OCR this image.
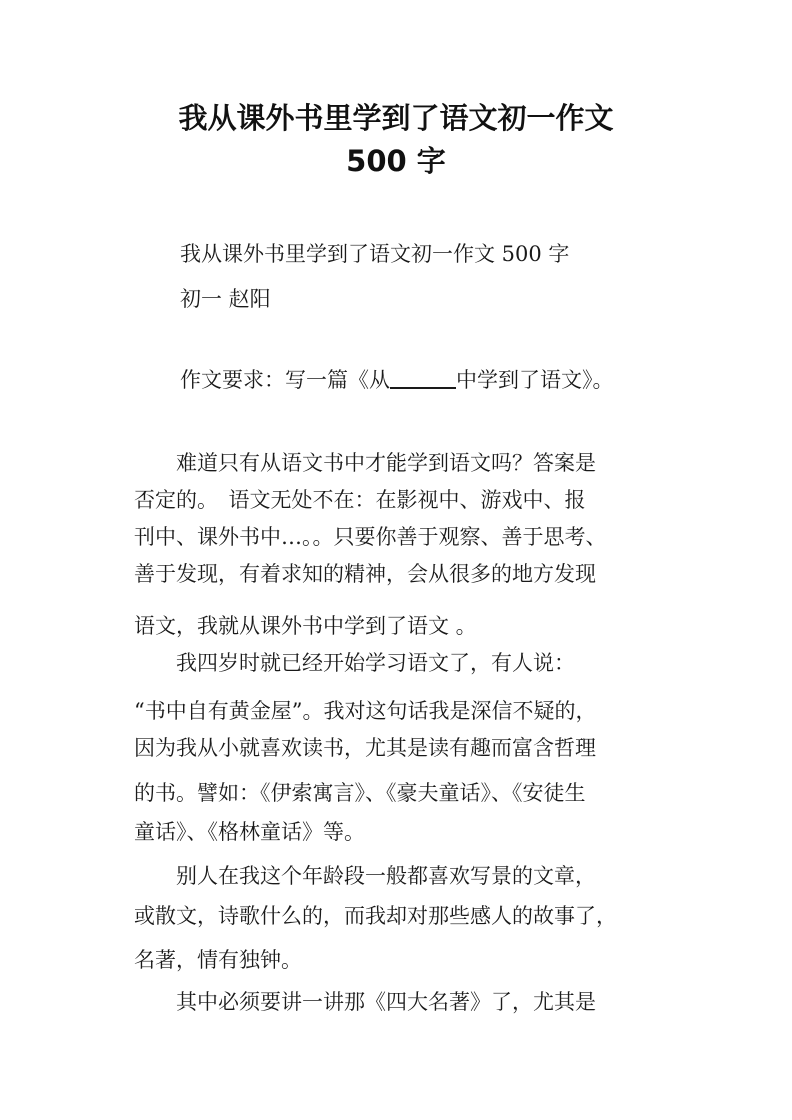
我从课外书里学到了语文初一作文
500 字
我从课外书里学到了语文初一作文 500 字
初一 赵阳
作文要求：写一篇《从	中学到了语文》。
　　难道只有从语文书中才能学到语文吗？答案是
否定的。　语文无处不在：在影视中、游戏中、报
刊中、课外书中…。。只要你善于观察、善于思考、
善于发现，有着求知的精神，会从很多的地方发现
语文，我就从课外书中学到了语文 。
　　我四岁时就已经开始学习语文了，有人说：
“书中自有黄金屋”。我对这句话我是深信不疑的，
因为我从小就喜欢读书，尤其是读有趣而富含哲理
的书。譬如：《伊索寓言》、《豪夫童话》、《安徒生
童话》、《格林童话》等。
　　别人在我这个年龄段一般都喜欢写景的文章，
或散文，诗歌什么的，而我却对那些感人的故事了，
名著，情有独钟。
　　其中必须要讲一讲那《四大名著》了，尤其是
